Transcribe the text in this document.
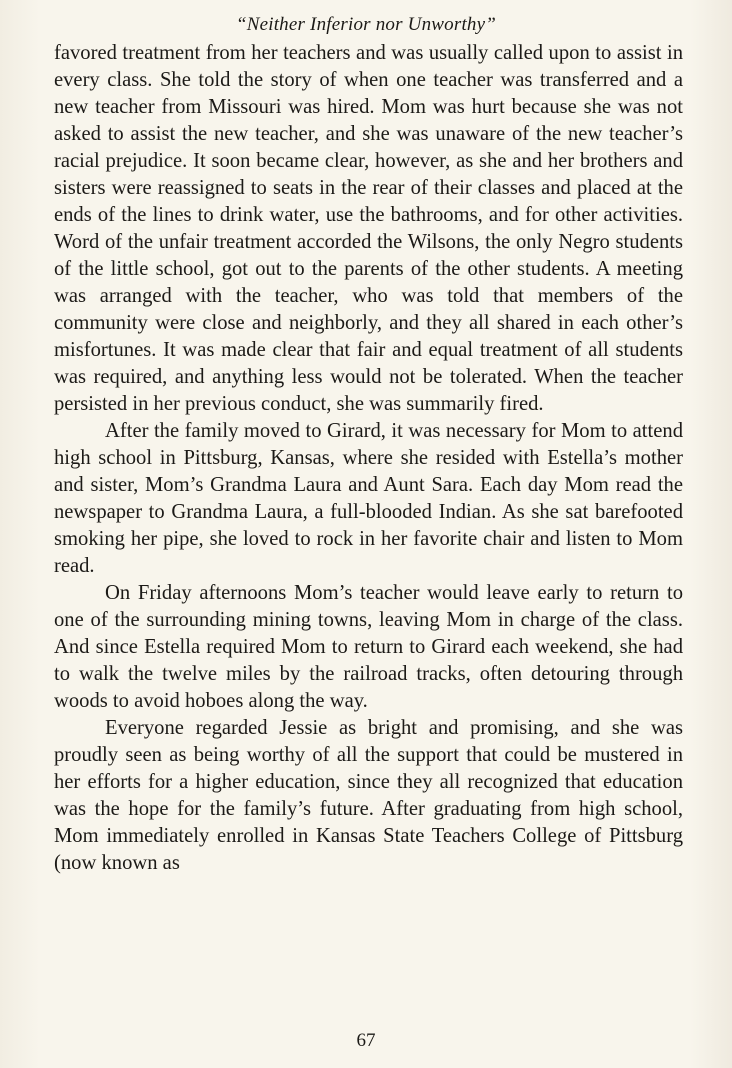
“Neither Inferior nor Unworthy”

favored treatment from her teachers and was usually called upon to assist in every class. She told the story of when one teacher was transferred and a new teacher from Missouri was hired. Mom was hurt because she was not asked to assist the new teacher, and she was unaware of the new teacher’s racial prejudice. It soon became clear, however, as she and her brothers and sisters were reassigned to seats in the rear of their classes and placed at the ends of the lines to drink water, use the bathrooms, and for other activities. Word of the unfair treatment accorded the Wilsons, the only Negro students of the little school, got out to the parents of the other students. A meeting was arranged with the teacher, who was told that members of the community were close and neighborly, and they all shared in each other’s misfortunes. It was made clear that fair and equal treatment of all students was required, and anything less would not be tolerated. When the teacher persisted in her previous conduct, she was summarily fired.

After the family moved to Girard, it was necessary for Mom to attend high school in Pittsburg, Kansas, where she resided with Estella’s mother and sister, Mom’s Grandma Laura and Aunt Sara. Each day Mom read the newspaper to Grandma Laura, a full-blooded Indian. As she sat barefooted smoking her pipe, she loved to rock in her favorite chair and listen to Mom read.

On Friday afternoons Mom’s teacher would leave early to return to one of the surrounding mining towns, leaving Mom in charge of the class. And since Estella required Mom to return to Girard each weekend, she had to walk the twelve miles by the railroad tracks, often detouring through woods to avoid hoboes along the way.

Everyone regarded Jessie as bright and promising, and she was proudly seen as being worthy of all the support that could be mustered in her efforts for a higher education, since they all recognized that education was the hope for the family’s future. After graduating from high school, Mom immediately enrolled in Kansas State Teachers College of Pittsburg (now known as

67
